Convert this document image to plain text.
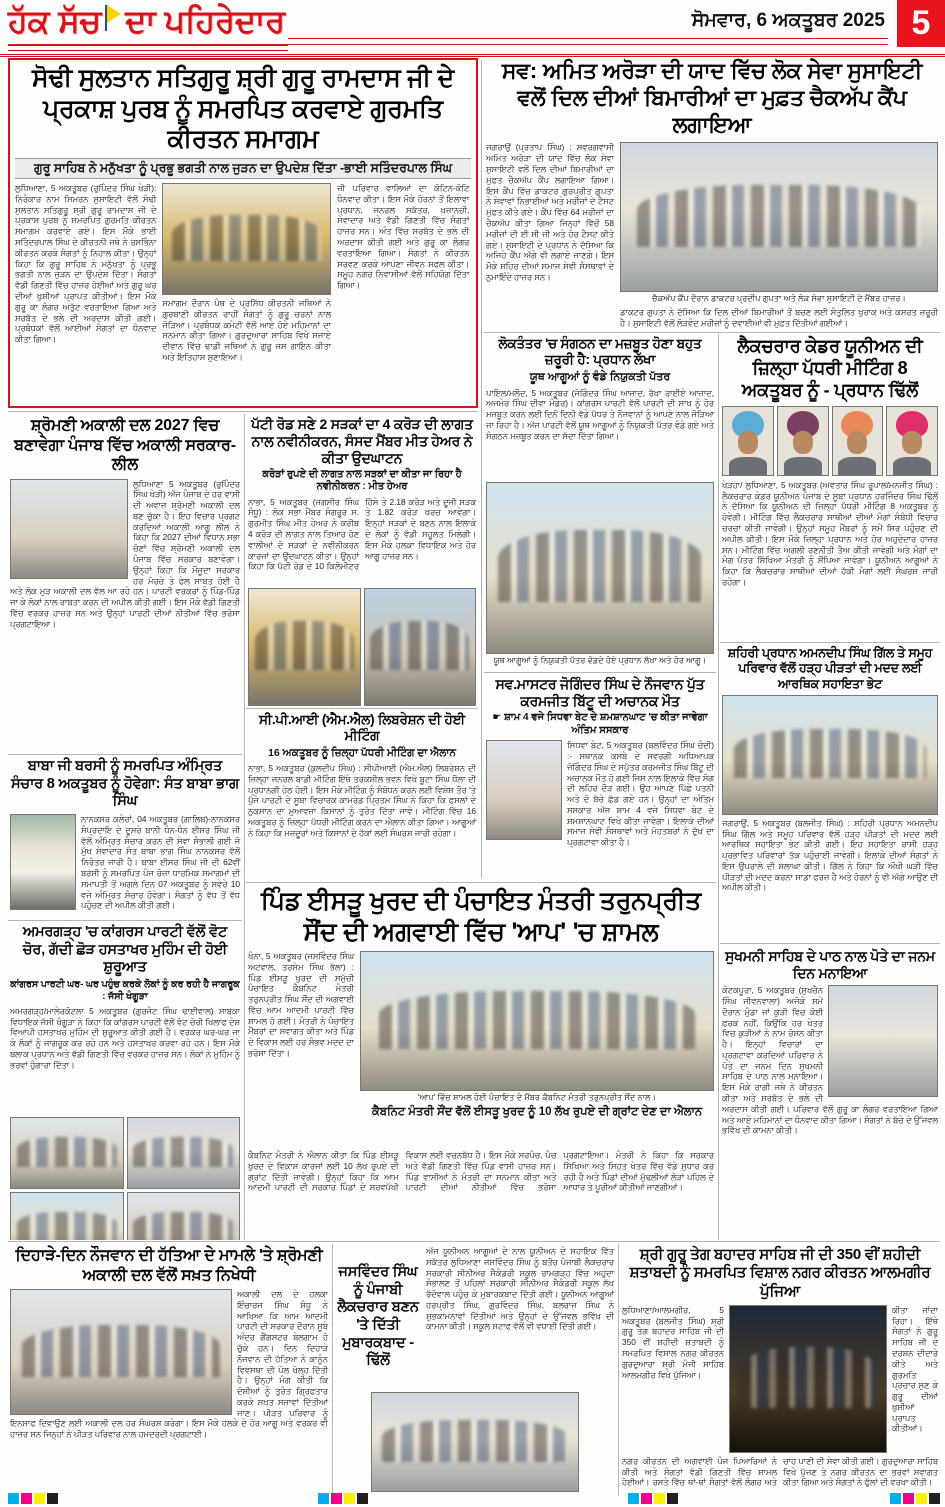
ਹੱਕ ਸੱਚ ਦਾ ਪਹਿਰੇਦਾਰ	ਸੋਮਵਾਰ, 6 ਅਕਤੂਬਰ 2025 5
ਸੋਢੀ ਸੁਲਤਾਨ ਸਤਿਗੁਰੂ ਸ਼੍ਰੀ ਗੁਰੂ ਰਾਮਦਾਸ ਜੀ ਦੇ ਪ੍ਰਕਾਸ਼ ਪੁਰਬ ਨੂੰ ਸਮਰਪਿਤ ਕਰਵਾਏ ਗੁਰਮਤਿ ਕੀਰਤਨ ਸਮਾਗਮ
ਗੁਰੂ ਸਾਹਿਬ ਨੇ ਮਨੁੱਖਤਾ ਨੂੰ ਪ੍ਰਭੂ ਭਗਤੀ ਨਾਲ ਜੁੜਨ ਦਾ ਉਪਦੇਸ਼ ਦਿੱਤਾ -ਭਾਈ ਸਤਿੰਦਰਪਾਲ ਸਿੰਘ
ਲੁਧਿਆਣਾ, 5 ਅਕਤੂਬਰ (ਰੁਪਿੰਦਰ ਸਿੰਘ ਖੇੜੀ): ਨਿਰੰਕਾਰ ਨਾਮ ਸਿਮਰਨ ਸੁਸਾਇਟੀ ਵੱਲੋਂ ਸੋਢੀ ਸੁਲਤਾਨ ਸਤਿਗੁਰੂ ਸ਼੍ਰੀ ਗੁਰੂ ਰਾਮਦਾਸ ਜੀ ਦੇ ਪ੍ਰਕਾਸ਼ ਪੁਰਬ ਨੂੰ ਸਮਰਪਿਤ ਗੁਰਮਤਿ ਕੀਰਤਨ ਸਮਾਗਮ ਕਰਵਾਏ ਗਏ। ਇਸ ਮੌਕੇ ਭਾਈ ਸਤਿੰਦਰਪਾਲ ਸਿੰਘ ਦੇ ਕੀਰਤਨੀ ਜਥੇ ਨੇ ਰਸਭਿੰਨਾ ਕੀਰਤਨ ਕਰਕੇ ਸੰਗਤਾਂ ਨੂੰ ਨਿਹਾਲ ਕੀਤਾ। ਉਨ੍ਹਾਂ ਕਿਹਾ ਕਿ ਗੁਰੂ ਸਾਹਿਬ ਨੇ ਮਨੁੱਖਤਾ ਨੂੰ ਪ੍ਰਭੂ ਭਗਤੀ ਨਾਲ ਜੁੜਨ ਦਾ ਉਪਦੇਸ਼ ਦਿੱਤਾ। ਸੰਗਤਾਂ ਵੱਡੀ ਗਿਣਤੀ ਵਿੱਚ ਹਾਜ਼ਰ ਹੋਈਆਂ ਅਤੇ ਗੁਰੂ ਘਰ ਦੀਆਂ ਖੁਸ਼ੀਆਂ ਪ੍ਰਾਪਤ ਕੀਤੀਆਂ। ਇਸ ਮੌਕੇ ਗੁਰੂ ਕਾ ਲੰਗਰ ਅਤੁੱਟ ਵਰਤਾਇਆ ਗਿਆ ਅਤੇ ਸਰਬੱਤ ਦੇ ਭਲੇ ਦੀ ਅਰਦਾਸ ਕੀਤੀ ਗਈ। ਪ੍ਰਬੰਧਕਾਂ ਵੱਲੋਂ ਆਈਆਂ ਸੰਗਤਾਂ ਦਾ ਧੰਨਵਾਦ ਕੀਤਾ ਗਿਆ।
ਸਮਾਗਮ ਦੌਰਾਨ ਪੰਥ ਦੇ ਪ੍ਰਸਿੱਧ ਕੀਰਤਨੀ ਜਥਿਆਂ ਨੇ ਗੁਰਬਾਣੀ ਕੀਰਤਨ ਰਾਹੀਂ ਸੰਗਤਾਂ ਨੂੰ ਗੁਰੂ ਚਰਨਾਂ ਨਾਲ ਜੋੜਿਆ। ਪ੍ਰਬੰਧਕ ਕਮੇਟੀ ਵੱਲੋਂ ਆਏ ਹੋਏ ਮਹਿਮਾਨਾਂ ਦਾ ਸਨਮਾਨ ਕੀਤਾ ਗਿਆ। ਗੁਰਦੁਆਰਾ ਸਾਹਿਬ ਵਿਖੇ ਸਜਾਏ ਦੀਵਾਨ ਵਿੱਚ ਢਾਡੀ ਜਥਿਆਂ ਨੇ ਗੁਰੂ ਜਸ ਗਾਇਨ ਕੀਤਾ ਅਤੇ ਇਤਿਹਾਸ ਸੁਣਾਇਆ।
ਜੀ ਪਰਿਵਾਰ ਵਾਲਿਆਂ ਦਾ ਕੋਟਿਨ-ਕੋਟਿ ਧੰਨਵਾਦ ਕੀਤਾ। ਇਸ ਮੌਕੇ ਹੋਰਨਾਂ ਤੋਂ ਇਲਾਵਾ ਪ੍ਰਧਾਨ, ਜਨਰਲ ਸਕੱਤਰ, ਖਜ਼ਾਨਚੀ, ਸੇਵਾਦਾਰ ਅਤੇ ਵੱਡੀ ਗਿਣਤੀ ਵਿੱਚ ਸੰਗਤਾਂ ਹਾਜ਼ਰ ਸਨ। ਅੰਤ ਵਿੱਚ ਸਰਬੱਤ ਦੇ ਭਲੇ ਦੀ ਅਰਦਾਸ ਕੀਤੀ ਗਈ ਅਤੇ ਗੁਰੂ ਕਾ ਲੰਗਰ ਵਰਤਾਇਆ ਗਿਆ। ਸੰਗਤਾਂ ਨੇ ਕੀਰਤਨ ਸਰਵਣ ਕਰਕੇ ਆਪਣਾ ਜੀਵਨ ਸਫਲ ਕੀਤਾ। ਸਮੂਹ ਨਗਰ ਨਿਵਾਸੀਆਂ ਵੱਲੋਂ ਸਹਿਯੋਗ ਦਿੱਤਾ ਗਿਆ।
ਸਵ: ਅਮਿਤ ਅਰੋੜਾ ਦੀ ਯਾਦ ਵਿੱਚ ਲੋਕ ਸੇਵਾ ਸੁਸਾਇਟੀ ਵਲੋਂ ਦਿਲ ਦੀਆਂ ਬਿਮਾਰੀਆਂ ਦਾ ਮੁਫ਼ਤ ਚੈਕਅੱਪ ਕੈਂਪ ਲਗਾਇਆ
ਜਗਰਾਉਂ (ਪ੍ਰਤਾਪ ਸਿੰਘ) : ਸਵਰਗਵਾਸੀ ਅਮਿਤ ਅਰੋੜਾ ਦੀ ਯਾਦ ਵਿੱਚ ਲੋਕ ਸੇਵਾ ਸੁਸਾਇਟੀ ਵਲੋਂ ਦਿਲ ਦੀਆਂ ਬਿਮਾਰੀਆਂ ਦਾ ਮੁਫ਼ਤ ਚੈਕਅੱਪ ਕੈਂਪ ਲਗਾਇਆ ਗਿਆ। ਇਸ ਕੈਂਪ ਵਿੱਚ ਡਾਕਟਰ ਗੁਰਪ੍ਰੀਤ ਗੁਪਤਾ ਨੇ ਸੇਵਾਵਾਂ ਨਿਭਾਈਆਂ ਅਤੇ ਮਰੀਜ਼ਾਂ ਦੇ ਟੈਸਟ ਮੁਫ਼ਤ ਕੀਤੇ ਗਏ। ਕੈਂਪ ਵਿੱਚ 64 ਮਰੀਜ਼ਾਂ ਦਾ ਚੈਕਅੱਪ ਕੀਤਾ ਗਿਆ ਜਿਨ੍ਹਾਂ ਵਿੱਚੋਂ 58 ਮਰੀਜ਼ਾਂ ਦੀ ਈ ਸੀ ਜੀ ਅਤੇ ਹੋਰ ਟੈਸਟ ਕੀਤੇ ਗਏ। ਸੁਸਾਇਟੀ ਦੇ ਪ੍ਰਧਾਨ ਨੇ ਦੱਸਿਆ ਕਿ ਅਜਿਹੇ ਕੈਂਪ ਅੱਗੇ ਵੀ ਲਗਾਏ ਜਾਣਗੇ। ਇਸ ਮੌਕੇ ਸ਼ਹਿਰ ਦੀਆਂ ਸਮਾਜ ਸੇਵੀ ਸੰਸਥਾਵਾਂ ਦੇ ਨੁਮਾਇੰਦੇ ਹਾਜ਼ਰ ਸਨ।
ਚੈਕਅੱਪ ਕੈਂਪ ਦੌਰਾਨ ਡਾਕਟਰ ਪ੍ਰਦੀਪ ਗੁਪਤਾ ਅਤੇ ਲੋਕ ਸੇਵਾ ਸੁਸਾਇਟੀ ਦੇ ਮੈਂਬਰ ਹਾਜ਼ਰ।
ਡਾਕਟਰ ਗੁਪਤਾ ਨੇ ਦੱਸਿਆ ਕਿ ਦਿਲ ਦੀਆਂ ਬਿਮਾਰੀਆਂ ਤੋਂ ਬਚਣ ਲਈ ਸੰਤੁਲਿਤ ਖੁਰਾਕ ਅਤੇ ਕਸਰਤ ਜ਼ਰੂਰੀ ਹੈ। ਸੁਸਾਇਟੀ ਵੱਲੋਂ ਲੋੜਵੰਦ ਮਰੀਜ਼ਾਂ ਨੂੰ ਦਵਾਈਆਂ ਵੀ ਮੁਫ਼ਤ ਦਿੱਤੀਆਂ ਗਈਆਂ।
ਲੋਕਤੰਤਰ 'ਚ ਸੰਗਠਨ ਦਾ ਮਜ਼ਬੂਤ ਹੋਣਾ ਬਹੁਤ ਜ਼ਰੂਰੀ ਹੈ: ਪ੍ਰਧਾਨ ਲੱਖਾ
ਯੂਥ ਆਗੂਆਂ ਨੂੰ ਵੰਡੇ ਨਿਯੁਕਤੀ ਪੱਤਰ
ਪਾਇਲ/ਮਲੌਦ, 5 ਅਕਤੂਬਰ (ਜੋਗਿੰਦਰ ਸਿੰਘ ਆਜ਼ਾਦ, ਰੱਖਾ ਰਾਈਏ ਆਜ਼ਾਦ, ਅਜਮੇਰ ਸਿੰਘ ਦੀਵਾ ਮੰਡੇਰ)। ਕਾਂਗਰਸ ਪਾਰਟੀ ਵੱਲੋਂ ਪਾਰਟੀ ਦੀ ਸਾਖ ਨੂੰ ਹੋਰ ਮਜ਼ਬੂਤ ਕਰਨ ਲਈ ਦਿਨੋਂ ਦਿਨੀ ਵੱਡੇ ਪੱਧਰ ਤੇ ਨੌਜਵਾਨਾਂ ਨੂੰ ਆਪਣੇ ਨਾਲ ਜੋੜਿਆ ਜਾ ਰਿਹਾ ਹੈ। ਅੱਜ ਪਾਰਟੀ ਵੱਲੋਂ ਯੂਥ ਆਗੂਆਂ ਨੂੰ ਨਿਯੁਕਤੀ ਪੱਤਰ ਵੰਡੇ ਗਏ ਅਤੇ ਸੰਗਠਨ ਮਜ਼ਬੂਤ ਕਰਨ ਦਾ ਸੱਦਾ ਦਿੱਤਾ ਗਿਆ।
ਯੂਥ ਆਗੂਆਂ ਨੂੰ ਨਿਯੁਕਤੀ ਪੱਤਰ ਵੰਡਦੇ ਹੋਏ ਪ੍ਰਧਾਨ ਲੱਖਾ ਅਤੇ ਹੋਰ ਆਗੂ।
ਲੈਕਚਰਾਰ ਕੇਡਰ ਯੂਨੀਅਨ ਦੀ ਜ਼ਿਲ੍ਹਾ ਪੱਧਰੀ ਮੀਟਿੰਗ 8 ਅਕਤੂਬਰ ਨੂੰ - ਪ੍ਰਧਾਨ ਢਿੱਲੋਂ
ਖੇੜਹਾ/ ਲੁਧਿਆਣਾ, 5 ਅਕਤੂਬਰ (ਅਵਤਾਰ ਸਿੰਘ ਰੂਪਾਲ/ਮਨਜੀਤ ਸਿੰਘ) : ਲੈਕਚਰਾਰ ਕੇਡਰ ਯੂਨੀਅਨ ਪੰਜਾਬ ਦੇ ਸੂਬਾ ਪ੍ਰਧਾਨ ਹਰਜਿੰਦਰ ਸਿੰਘ ਢਿੱਲੋਂ ਨੇ ਦੱਸਿਆ ਕਿ ਯੂਨੀਅਨ ਦੀ ਜ਼ਿਲ੍ਹਾ ਪੱਧਰੀ ਮੀਟਿੰਗ 8 ਅਕਤੂਬਰ ਨੂੰ ਹੋਵੇਗੀ। ਮੀਟਿੰਗ ਵਿੱਚ ਲੈਕਚਰਾਰ ਸਾਥੀਆਂ ਦੀਆਂ ਮੰਗਾਂ ਸੰਬੰਧੀ ਵਿਚਾਰ ਚਰਚਾ ਕੀਤੀ ਜਾਵੇਗੀ। ਉਨ੍ਹਾਂ ਸਮੂਹ ਮੈਂਬਰਾਂ ਨੂੰ ਸਮੇਂ ਸਿਰ ਪਹੁੰਚਣ ਦੀ ਅਪੀਲ ਕੀਤੀ। ਇਸ ਮੌਕੇ ਜ਼ਿਲ੍ਹਾ ਪ੍ਰਧਾਨ ਅਤੇ ਹੋਰ ਅਹੁਦੇਦਾਰ ਹਾਜ਼ਰ ਸਨ। ਮੀਟਿੰਗ ਵਿੱਚ ਅਗਲੀ ਰਣਨੀਤੀ ਤੈਅ ਕੀਤੀ ਜਾਵੇਗੀ ਅਤੇ ਮੰਗਾਂ ਦਾ ਮੰਗ ਪੱਤਰ ਸਿੱਖਿਆ ਮੰਤਰੀ ਨੂੰ ਸੌਂਪਿਆ ਜਾਵੇਗਾ। ਯੂਨੀਅਨ ਆਗੂਆਂ ਨੇ ਕਿਹਾ ਕਿ ਲੈਕਚਰਾਰ ਸਾਥੀਆਂ ਦੀਆਂ ਹੱਕੀ ਮੰਗਾਂ ਲਈ ਸੰਘਰਸ਼ ਜਾਰੀ ਰਹੇਗਾ।
ਸ਼੍ਰੋਮਣੀ ਅਕਾਲੀ ਦਲ 2027 ਵਿਚ ਬਣਾਵੇਗਾ ਪੰਜਾਬ ਵਿੱਚ ਅਕਾਲੀ ਸਰਕਾਰ-ਲੀਲ
ਲੁਧਿਆਣਾ 5 ਅਕਤੂਬਰ (ਰੁਪਿੰਦਰ ਸਿੰਘ ਖੇੜੀ) ਅੱਜ ਪੰਜਾਬ ਦੇ ਹਰ ਵਾਸੀ ਦੀ ਅਵਾਜ਼ ਸ਼੍ਰੋਮਣੀ ਅਕਾਲੀ ਦਲ ਬਣ ਚੁੱਕਾ ਹੈ। ਇਹ ਵਿਚਾਰ ਪ੍ਰਗਟ ਕਰਦਿਆਂ ਅਕਾਲੀ ਆਗੂ ਲੀਲ ਨੇ ਕਿਹਾ ਕਿ 2027 ਦੀਆਂ ਵਿਧਾਨ ਸਭਾ ਚੋਣਾਂ ਵਿੱਚ ਸ਼੍ਰੋਮਣੀ ਅਕਾਲੀ ਦਲ ਪੰਜਾਬ ਵਿੱਚ ਸਰਕਾਰ ਬਣਾਵੇਗਾ। ਉਨ੍ਹਾਂ ਕਿਹਾ ਕਿ ਮੌਜੂਦਾ ਸਰਕਾਰ ਹਰ ਮੋਰਚੇ ਤੇ ਫੇਲ ਸਾਬਤ ਹੋਈ ਹੈ ਅਤੇ ਲੋਕ ਮੁੜ ਅਕਾਲੀ ਦਲ ਵੱਲ ਆ ਰਹੇ ਹਨ। ਪਾਰਟੀ ਵਰਕਰਾਂ ਨੂੰ ਪਿੰਡ-ਪਿੰਡ ਜਾ ਕੇ ਲੋਕਾਂ ਨਾਲ ਰਾਬਤਾ ਕਰਨ ਦੀ ਅਪੀਲ ਕੀਤੀ ਗਈ। ਇਸ ਮੌਕੇ ਵੱਡੀ ਗਿਣਤੀ ਵਿੱਚ ਵਰਕਰ ਹਾਜ਼ਰ ਸਨ ਅਤੇ ਉਨ੍ਹਾਂ ਪਾਰਟੀ ਦੀਆਂ ਨੀਤੀਆਂ ਵਿੱਚ ਭਰੋਸਾ ਪ੍ਰਗਟਾਇਆ।
ਪੱਟੀ ਰੋਡ ਸਣੇ 2 ਸੜਕਾਂ ਦਾ 4 ਕਰੋੜ ਦੀ ਲਾਗਤ ਨਾਲ ਨਵੀਨੀਕਰਨ, ਸੰਸਦ ਮੈਂਬਰ ਮੀਤ ਹੇਅਰ ਨੇ ਕੀਤਾ ਉਦਘਾਟਨ
ਕਰੋੜਾਂ ਰੁਪਏ ਦੀ ਲਾਗਤ ਨਾਲ ਸੜਕਾਂ ਦਾ ਕੀਤਾ ਜਾ ਰਿਹਾ ਹੈ ਨਵੀਨੀਕਰਨ : ਮੀਤ ਹੇਅਰ
ਨਾਭਾ, 5 ਅਕਤੂਬਰ (ਜਗਸੀਰ ਸਿੰਘ ਸੰਧੂ) : ਲੋਕ ਸਭਾ ਮੈਂਬਰ ਸੰਗਰੂਰ ਸ. ਗੁਰਮੀਤ ਸਿੰਘ ਮੀਤ ਹੇਅਰ ਨੇ ਕਰੀਬ 4 ਕਰੋੜ ਦੀ ਲਾਗਤ ਨਾਲ ਤਿਆਰ ਹੋਣ ਵਾਲੀਆਂ ਦੋ ਸੜਕਾਂ ਦੇ ਨਵੀਨੀਕਰਨ ਕਾਰਜਾਂ ਦਾ ਉਦਘਾਟਨ ਕੀਤਾ। ਉਨ੍ਹਾਂ ਕਿਹਾ ਕਿ ਪੱਟੀ ਰੋਡ ਦੇ 10 ਕਿਲੋਮੀਟਰ ਹਿੱਸੇ ਤੇ 2.18 ਕਰੋੜ ਅਤੇ ਦੂਜੀ ਸੜਕ ਤੇ 1.82 ਕਰੋੜ ਖਰਚ ਆਵੇਗਾ। ਇਨ੍ਹਾਂ ਸੜਕਾਂ ਦੇ ਬਣਨ ਨਾਲ ਇਲਾਕੇ ਦੇ ਲੋਕਾਂ ਨੂੰ ਵੱਡੀ ਸਹੂਲਤ ਮਿਲੇਗੀ। ਇਸ ਮੌਕੇ ਹਲਕਾ ਵਿਧਾਇਕ ਅਤੇ ਹੋਰ ਆਗੂ ਹਾਜ਼ਰ ਸਨ।
ਸੀ.ਪੀ.ਆਈ (ਐਮ.ਐਲ) ਲਿਬਰੇਸ਼ਨ ਦੀ ਹੋਈ ਮੀਟਿੰਗ
16 ਅਕਤੂਬਰ ਨੂੰ ਜ਼ਿਲ੍ਹਾ ਪੱਧਰੀ ਮੀਟਿੰਗ ਦਾ ਐਲਾਨ
ਨਾਭਾ, 5 ਅਕਤੂਬਰ (ਕੁਲਦੀਪ ਸਿੰਘ) : ਸੀਪੀਆਈ (ਐਮ.ਐਲ) ਲਿਬਰੇਸ਼ਨ ਦੀ ਜ਼ਿਲ੍ਹਾ ਜਨਰਲ ਬਾਡੀ ਮੀਟਿੰਗ ਇੱਥੇ ਤਰਕਸ਼ੀਲ ਭਵਨ ਵਿਖੇ ਬੂਟਾ ਸਿੰਘ ਧੌਲਾ ਦੀ ਪ੍ਰਧਾਨਗੀ ਹੇਠ ਹੋਈ। ਇਸ ਮੌਕੇ ਮੀਟਿੰਗ ਨੂੰ ਸੰਬੋਧਨ ਕਰਨ ਲਈ ਵਿਸ਼ੇਸ਼ ਤੌਰ 'ਤੇ ਪੁੱਜੇ ਪਾਰਟੀ ਦੇ ਸੂਬਾ ਵਿਚਾਰਕ ਕਾਮਰੇਡ ਪ੍ਰਿਤਮ ਸਿੰਘ ਨੇ ਕਿਹਾ ਕਿ ਫਸਲਾਂ ਦੇ ਨੁਕਸਾਨ ਦਾ ਮੁਆਵਜ਼ਾ ਕਿਸਾਨਾਂ ਨੂੰ ਤੁਰੰਤ ਦਿੱਤਾ ਜਾਵੇ। ਮੀਟਿੰਗ ਵਿੱਚ 16 ਅਕਤੂਬਰ ਨੂੰ ਜ਼ਿਲ੍ਹਾ ਪੱਧਰੀ ਮੀਟਿੰਗ ਕਰਨ ਦਾ ਐਲਾਨ ਕੀਤਾ ਗਿਆ। ਆਗੂਆਂ ਨੇ ਕਿਹਾ ਕਿ ਮਜ਼ਦੂਰਾਂ ਅਤੇ ਕਿਸਾਨਾਂ ਦੇ ਹੱਕਾਂ ਲਈ ਸੰਘਰਸ਼ ਜਾਰੀ ਰਹੇਗਾ।
ਸਵ.ਮਾਸਟਰ ਜੋਗਿੰਦਰ ਸਿੰਘ ਦੇ ਨੌਜਵਾਨ ਪੁੱਤ ਕਰਮਜੀਤ ਬਿੱਟੂ ਦੀ ਅਚਾਨਕ ਮੌਤ
☛ ਸ਼ਾਮ 4 ਵਜੇ ਸਿਧਵਾ ਬੇਟ ਦੇ ਸ਼ਮਸ਼ਾਨਘਾਟ 'ਚ ਕੀਤਾ ਜਾਵੇਗਾ ਅੰਤਿਮ ਸਸਕਾਰ
ਸਿਧਵਾ ਬੇਟ, 5 ਅਕਤੂਬਰ (ਬਲਵਿੰਦਰ ਸਿੰਘ ਚੰਦੀ) :- ਸਥਾਨਕ ਕਸਬੇ ਦੇ ਸਵਰਗੀ ਅਧਿਆਪਕ ਜੋਗਿੰਦਰ ਸਿੰਘ ਦੇ ਸਪੁੱਤਰ ਕਰਮਜੀਤ ਸਿੰਘ ਬਿੱਟੂ ਦੀ ਅਚਾਨਕ ਮੌਤ ਹੋ ਗਈ ਜਿਸ ਨਾਲ ਇਲਾਕੇ ਵਿੱਚ ਸੋਗ ਦੀ ਲਹਿਰ ਦੌੜ ਗਈ। ਉਹ ਆਪਣੇ ਪਿੱਛੇ ਪਤਨੀ ਅਤੇ ਦੋ ਬੱਚੇ ਛੱਡ ਗਏ ਹਨ। ਉਨ੍ਹਾਂ ਦਾ ਅੰਤਿਮ ਸਸਕਾਰ ਅੱਜ ਸ਼ਾਮ 4 ਵਜੇ ਸਿਧਵਾ ਬੇਟ ਦੇ ਸ਼ਮਸ਼ਾਨਘਾਟ ਵਿਖੇ ਕੀਤਾ ਜਾਵੇਗਾ। ਇਲਾਕੇ ਦੀਆਂ ਸਮਾਜ ਸੇਵੀ ਸੰਸਥਾਵਾਂ ਅਤੇ ਮੋਹਤਬਰਾਂ ਨੇ ਦੁੱਖ ਦਾ ਪ੍ਰਗਟਾਵਾ ਕੀਤਾ ਹੈ।
ਬਾਬਾ ਜੀ ਬਰਸੀ ਨੂੰ ਸਮਰਪਿਤ ਅੰਮ੍ਰਿਤ ਸੰਚਾਰ 8 ਅਕਤੂਬਰ ਨੂੰ ਹੋਵੇਗਾ: ਸੰਤ ਬਾਬਾ ਭਾਗ ਸਿੰਘ
ਨਾਨਕਸਰ ਕਲੇਰਾਂ, 04 ਅਕਤੂਬਰ (ਗਾਲਿਬ)-ਨਾਨਕਸਰ ਸੰਪ੍ਰਦਾਇ ਦੇ ਦੂਸਰੇ ਬਾਨੀ ਧੰਨ-ਧੰਨ ਈਸਰ ਸਿੰਘ ਜੀ ਵੱਲੋਂ ਅੰਮ੍ਰਿਤ ਸੰਚਾਰ ਕਰਨ ਦੀ ਸੇਵਾ ਸੰਭਾਲੀ ਗਈ ਜੋ ਮੁੱਖ ਸੇਵਾਦਾਰ ਸੰਤ ਬਾਬਾ ਭਾਗ ਸਿੰਘ ਨਾਨਕਸਰ ਵੱਲੋਂ ਨਿਰੰਤਰ ਜਾਰੀ ਹੈ। ਬਾਬਾ ਈਸਰ ਸਿੰਘ ਜੀ ਦੀ 62ਵੀਂ ਬਰਸੀ ਨੂੰ ਸਮਰਪਿਤ ਪੰਜ ਰੋਜ਼ਾ ਧਾਰਮਿਕ ਸਮਾਗਮਾਂ ਦੀ ਸਮਾਪਤੀ ਤੋਂ ਅਗਲੇ ਦਿਨ 07 ਅਕਤੂਬਰ ਨੂੰ ਸਵੇਰੇ 10 ਵਜੇ ਅੰਮ੍ਰਿਤ ਸੰਚਾਰ ਹੋਵੇਗਾ। ਸੰਗਤਾਂ ਨੂੰ ਵੱਧ ਤੋਂ ਵੱਧ ਪਹੁੰਚਣ ਦੀ ਅਪੀਲ ਕੀਤੀ ਗਈ।
ਅਮਰਗੜ੍ਹ 'ਚ ਕਾਂਗਰਸ ਪਾਰਟੀ ਵੱਲੋਂ ਵੋਟ ਚੋਰ, ਗੱਦੀ ਛੋੜ ਹਸਤਾਖਰ ਮੁਹਿੰਮ ਦੀ ਹੋਈ ਸ਼ੁਰੂਆਤ
ਕਾਂਗਰਸ ਪਾਰਟੀ ਘਰ- ਘਰ ਪਹੁੰਚ ਕਰਕੇ ਲੋਕਾਂ ਨੂੰ ਕਰ ਰਹੀ ਹੈ ਜਾਗਰੂਕ : ਜੱਸੀ ਖੰਗੂੜਾ
ਅਮਰਗੜ੍ਹ/ਮਾਲੇਰਕੋਟਲਾ 5 ਅਕਤੂਬਰ (ਗੁਰਜੰਟ ਸਿੰਘ ਢਾਈਵਾਲ) ਸਾਬਕਾ ਵਿਧਾਇਕ ਜੱਸੀ ਖੰਗੂੜਾ ਨੇ ਕਿਹਾ ਕਿ ਕਾਂਗਰਸ ਪਾਰਟੀ ਵੱਲੋਂ ਵੋਟ ਚੋਰੀ ਖਿਲਾਫ ਦੇਸ਼ ਵਿਆਪੀ ਹਸਤਾਖਰ ਮੁਹਿੰਮ ਦੀ ਸ਼ੁਰੂਆਤ ਕੀਤੀ ਗਈ ਹੈ। ਵਰਕਰ ਘਰ-ਘਰ ਜਾ ਕੇ ਲੋਕਾਂ ਨੂੰ ਜਾਗਰੂਕ ਕਰ ਰਹੇ ਹਨ ਅਤੇ ਹਸਤਾਖਰ ਕਰਵਾ ਰਹੇ ਹਨ। ਇਸ ਮੌਕੇ ਬਲਾਕ ਪ੍ਰਧਾਨ ਅਤੇ ਵੱਡੀ ਗਿਣਤੀ ਵਿੱਚ ਵਰਕਰ ਹਾਜ਼ਰ ਸਨ। ਲੋਕਾਂ ਨੇ ਮੁਹਿੰਮ ਨੂੰ ਭਰਵਾਂ ਹੁੰਗਾਰਾ ਦਿੱਤਾ।
ਪਿੰਡ ਈਸੜੂ ਖੁਰਦ ਦੀ ਪੰਚਾਇਤ ਮੰਤਰੀ ਤਰੁਨਪ੍ਰੀਤ ਸੌਂਦ ਦੀ ਅਗਵਾਈ ਵਿੱਚ 'ਆਪ' 'ਚ ਸ਼ਾਮਲ
ਖੰਨਾ, 5 ਅਕਤੂਬਰ (ਜਸਵਿੰਦਰ ਸਿੰਘ ਅਟਵਾਲ, ਤਰਸੇਮ ਸਿੰਘ ਭੱਲਾ) : ਪਿੰਡ ਈਸੜੂ ਖੁਰਦ ਦੀ ਸਮੁੱਚੀ ਪੰਚਾਇਤ ਕੈਬਨਿਟ ਮੰਤਰੀ ਤਰੁਨਪ੍ਰੀਤ ਸਿੰਘ ਸੌਂਦ ਦੀ ਅਗਵਾਈ ਵਿੱਚ ਆਮ ਆਦਮੀ ਪਾਰਟੀ ਵਿੱਚ ਸ਼ਾਮਲ ਹੋ ਗਈ। ਮੰਤਰੀ ਨੇ ਪੰਚਾਇਤ ਮੈਂਬਰਾਂ ਦਾ ਸਵਾਗਤ ਕੀਤਾ ਅਤੇ ਪਿੰਡ ਦੇ ਵਿਕਾਸ ਲਈ ਹਰ ਸੰਭਵ ਮਦਦ ਦਾ ਭਰੋਸਾ ਦਿੱਤਾ।
'ਆਪ' ਵਿੱਚ ਸ਼ਾਮਲ ਹੋਈ ਪੰਚਾਇਤ ਦੇ ਮੈਂਬਰ ਕੈਬਨਿਟ ਮੰਤਰੀ ਤਰੁਨਪ੍ਰੀਤ ਸੌਂਦ ਨਾਲ।
ਕੈਬਨਿਟ ਮੰਤਰੀ ਸੌਂਦ ਵੱਲੋਂ ਈਸੜੂ ਖੁਰਦ ਨੂੰ 10 ਲੱਖ ਰੁਪਏ ਦੀ ਗ੍ਰਾਂਟ ਦੇਣ ਦਾ ਐਲਾਨ
ਕੈਬਨਿਟ ਮੰਤਰੀ ਨੇ ਐਲਾਨ ਕੀਤਾ ਕਿ ਪਿੰਡ ਈਸੜੂ ਖੁਰਦ ਦੇ ਵਿਕਾਸ ਕਾਰਜਾਂ ਲਈ 10 ਲੱਖ ਰੁਪਏ ਦੀ ਗ੍ਰਾਂਟ ਦਿੱਤੀ ਜਾਵੇਗੀ। ਉਨ੍ਹਾਂ ਕਿਹਾ ਕਿ ਆਮ ਆਦਮੀ ਪਾਰਟੀ ਦੀ ਸਰਕਾਰ ਪਿੰਡਾਂ ਦੇ ਸਰਵਪੱਖੀ ਵਿਕਾਸ ਲਈ ਵਚਨਬੱਧ ਹੈ। ਇਸ ਮੌਕੇ ਸਰਪੰਚ, ਪੰਚ ਅਤੇ ਵੱਡੀ ਗਿਣਤੀ ਵਿੱਚ ਪਿੰਡ ਵਾਸੀ ਹਾਜ਼ਰ ਸਨ। ਪਿੰਡ ਵਾਸੀਆਂ ਨੇ ਮੰਤਰੀ ਦਾ ਸਨਮਾਨ ਕੀਤਾ ਅਤੇ ਪਾਰਟੀ ਦੀਆਂ ਨੀਤੀਆਂ ਵਿੱਚ ਭਰੋਸਾ ਪ੍ਰਗਟਾਇਆ। ਮੰਤਰੀ ਨੇ ਕਿਹਾ ਕਿ ਸਰਕਾਰ ਸਿੱਖਿਆ ਅਤੇ ਸਿਹਤ ਖੇਤਰ ਵਿੱਚ ਵੱਡੇ ਸੁਧਾਰ ਕਰ ਰਹੀ ਹੈ ਅਤੇ ਪਿੰਡਾਂ ਦੀਆਂ ਮੁੱਢਲੀਆਂ ਲੋੜਾਂ ਪਹਿਲ ਦੇ ਆਧਾਰ ਤੇ ਪੂਰੀਆਂ ਕੀਤੀਆਂ ਜਾਣਗੀਆਂ।
ਸ਼ਹਿਰੀ ਪ੍ਰਧਾਨ ਅਮਨਦੀਪ ਸਿੰਘ ਗਿੱਲ ਤੇ ਸਮੂਹ ਪਰਿਵਾਰ ਵੱਲੋਂ ਹੜ੍ਹ ਪੀੜਤਾਂ ਦੀ ਮਦਦ ਲਈ ਆਰਥਿਕ ਸਹਾਇਤਾ ਭੇਟ
ਜਗਰਾਉਂ, 5 ਅਕਤੂਬਰ (ਬਲਜੀਤ ਸਿੰਘ) : ਸ਼ਹਿਰੀ ਪ੍ਰਧਾਨ ਅਮਨਦੀਪ ਸਿੰਘ ਗਿੱਲ ਅਤੇ ਸਮੂਹ ਪਰਿਵਾਰ ਵੱਲੋਂ ਹੜ੍ਹ ਪੀੜਤਾਂ ਦੀ ਮਦਦ ਲਈ ਆਰਥਿਕ ਸਹਾਇਤਾ ਭੇਟ ਕੀਤੀ ਗਈ। ਇਹ ਸਹਾਇਤਾ ਰਾਸ਼ੀ ਹੜ੍ਹ ਪ੍ਰਭਾਵਿਤ ਪਰਿਵਾਰਾਂ ਤੱਕ ਪਹੁੰਚਾਈ ਜਾਵੇਗੀ। ਇਲਾਕੇ ਦੀਆਂ ਸੰਗਤਾਂ ਨੇ ਇਸ ਉਪਰਾਲੇ ਦੀ ਸ਼ਲਾਘਾ ਕੀਤੀ। ਗਿੱਲ ਨੇ ਕਿਹਾ ਕਿ ਔਖੀ ਘੜੀ ਵਿੱਚ ਪੀੜਤਾਂ ਦੀ ਮਦਦ ਕਰਨਾ ਸਾਡਾ ਫਰਜ਼ ਹੈ ਅਤੇ ਹੋਰਨਾਂ ਨੂੰ ਵੀ ਅੱਗੇ ਆਉਣ ਦੀ ਅਪੀਲ ਕੀਤੀ।
ਸੁਖਮਨੀ ਸਾਹਿਬ ਦੇ ਪਾਠ ਨਾਲ ਪੋਤੇ ਦਾ ਜਨਮ ਦਿਨ ਮਨਾਇਆ
ਕੋਟਕਪੂਰਾ, 5 ਅਕਤੂਬਰ (ਸੁਖਚੈਨ ਸਿੰਘ ਜੀਵਨਵਾਲਾ) ਅਜੋਕੇ ਸਮੇਂ ਦੌਰਾਨ ਮੁੰਡਾ ਜਾਂ ਕੁੜੀ ਵਿਚ ਕੋਈ ਫਰਕ ਨਹੀਂ, ਕਿਉਂਕਿ ਹਰ ਖੇਤਰ ਵਿਚ ਕੁੜੀਆਂ ਨੇ ਨਾਮ ਰੋਸ਼ਨ ਕੀਤਾ ਹੈ। ਇਨ੍ਹਾਂ ਵਿਚਾਰਾਂ ਦਾ ਪ੍ਰਗਟਾਵਾ ਕਰਦਿਆਂ ਪਰਿਵਾਰ ਨੇ ਪੋਤੇ ਦਾ ਜਨਮ ਦਿਨ ਸੁਖਮਨੀ ਸਾਹਿਬ ਦੇ ਪਾਠ ਨਾਲ ਮਨਾਇਆ। ਇਸ ਮੌਕੇ ਰਾਗੀ ਜਥੇ ਨੇ ਕੀਰਤਨ ਕੀਤਾ ਅਤੇ ਸਰਬੱਤ ਦੇ ਭਲੇ ਦੀ ਅਰਦਾਸ ਕੀਤੀ ਗਈ। ਪਰਿਵਾਰ ਵੱਲੋਂ ਗੁਰੂ ਕਾ ਲੰਗਰ ਵਰਤਾਇਆ ਗਿਆ ਅਤੇ ਆਏ ਮਹਿਮਾਨਾਂ ਦਾ ਧੰਨਵਾਦ ਕੀਤਾ ਗਿਆ। ਸੰਗਤਾਂ ਨੇ ਬੱਚੇ ਦੇ ਉੱਜਵਲ ਭਵਿੱਖ ਦੀ ਕਾਮਨਾ ਕੀਤੀ।
ਦਿਹਾੜੇ-ਦਿਨ ਨੌਜਵਾਨ ਦੀ ਹੱਤਿਆ ਦੇ ਮਾਮਲੇ 'ਤੇ ਸ਼੍ਰੋਮਣੀ ਅਕਾਲੀ ਦਲ ਵੱਲੋਂ ਸਖ਼ਤ ਨਿਖੇਧੀ
ਅਕਾਲੀ ਦਲ ਦੇ ਹਲਕਾ ਇੰਚਾਰਜ ਸਿੰਘ ਸੰਧੂ ਨੇ ਆਖਿਆ ਕਿ ਆਮ ਆਦਮੀ ਪਾਰਟੀ ਦੀ ਸਰਕਾਰ ਦੌਰਾਨ ਸੂਬੇ ਅੰਦਰ ਗੈਂਗਸਟਰ ਬੇਲਗਾਮ ਹੋ ਚੁੱਕੇ ਹਨ। ਦਿਨ ਦਿਹਾੜੇ ਨੌਜਵਾਨ ਦੀ ਹੱਤਿਆ ਨੇ ਕਾਨੂੰਨ ਵਿਵਸਥਾ ਦੀ ਪੋਲ ਖੋਲ੍ਹ ਦਿੱਤੀ ਹੈ। ਉਨ੍ਹਾਂ ਮੰਗ ਕੀਤੀ ਕਿ ਦੋਸ਼ੀਆਂ ਨੂੰ ਤੁਰੰਤ ਗ੍ਰਿਫਤਾਰ ਕਰਕੇ ਸਖ਼ਤ ਸਜ਼ਾਵਾਂ ਦਿੱਤੀਆਂ ਜਾਣ। ਪੀੜਤ ਪਰਿਵਾਰ ਨੂੰ ਇਨਸਾਫ ਦਿਵਾਉਣ ਲਈ ਅਕਾਲੀ ਦਲ ਹਰ ਸੰਘਰਸ਼ ਕਰੇਗਾ। ਇਸ ਮੌਕੇ ਹਲਕੇ ਦੇ ਹੋਰ ਆਗੂ ਅਤੇ ਵਰਕਰ ਵੀ ਹਾਜ਼ਰ ਸਨ ਜਿਨ੍ਹਾਂ ਨੇ ਪੀੜਤ ਪਰਿਵਾਰ ਨਾਲ ਹਮਦਰਦੀ ਪ੍ਰਗਟਾਈ।
ਜਸਵਿੰਦਰ ਸਿੰਘ ਨੂੰ ਪੰਜਾਬੀ ਲੈਕਚਰਾਰ ਬਣਨ 'ਤੇ ਦਿੱਤੀ ਮੁਬਾਰਕਬਾਦ - ਢਿੱਲੋਂ
ਅੱਜ ਯੂਨੀਅਨ ਆਗੂਆਂ ਦੇ ਨਾਲ ਯੂਨੀਅਨ ਦੇ ਸਹਾਇਕ ਵਿੱਤ ਸਕੱਤਰ ਲੁਧਿਆਣਾ ਜਸਵਿੰਦਰ ਸਿੰਘ ਨੂੰ ਬਤੌਰ ਪੰਜਾਬੀ ਲੈਕਚਰਾਰ ਸਰਕਾਰੀ ਸੀਨੀਅਰ ਸੈਕੰਡਰੀ ਸਕੂਲ ਰਾਮਗੜ੍ਹ ਵਿੱਚ ਅਹੁਦਾ ਸੰਭਾਲਣ ਤੋਂ ਪਹਿਲਾਂ ਸਰਕਾਰੀ ਸੀਨੀਅਰ ਸੈਕੰਡਰੀ ਸਕੂਲ ਲੱਖ ਰੱਦੋਵਾਲ ਪਹੁੰਚ ਕੇ ਮੁਬਾਰਕਬਾਦ ਦਿੱਤੀ ਗਈ। ਯੂਨੀਅਨ ਆਗੂਆਂ ਹਰਪ੍ਰੀਤ ਸਿੰਘ, ਗੁਰਵਿੰਦਰ ਸਿੰਘ, ਬਲਰਾਜ ਸਿੰਘ ਨੇ ਸ਼ੁਭਕਾਮਨਾਵਾਂ ਦਿੱਤੀਆਂ ਅਤੇ ਉਨ੍ਹਾਂ ਦੇ ਉੱਜਵਲ ਭਵਿੱਖ ਦੀ ਕਾਮਨਾ ਕੀਤੀ। ਸਕੂਲ ਸਟਾਫ ਵੱਲੋਂ ਵੀ ਵਧਾਈ ਦਿੱਤੀ ਗਈ।
ਸ਼੍ਰੀ ਗੁਰੂ ਤੇਗ ਬਹਾਦਰ ਸਾਹਿਬ ਜੀ ਦੀ 350 ਵੀਂ ਸ਼ਹੀਦੀ ਸ਼ਤਾਬਦੀ ਨੂੰ ਸਮਰਪਿਤ ਵਿਸ਼ਾਲ ਨਗਰ ਕੀਰਤਨ ਆਲਮਗੀਰ ਪੁੱਜਿਆ
ਲੁਧਿਆਣਾ/ਆਲਮਗੀਰ, 5 ਅਕਤੂਬਰ (ਬਲਜੀਤ ਸਿੰਘ) ਸ਼੍ਰੀ ਗੁਰੂ ਤੇਗ ਬਹਾਦਰ ਸਾਹਿਬ ਜੀ ਦੀ 350 ਵੀਂ ਸ਼ਹੀਦੀ ਸ਼ਤਾਬਦੀ ਨੂੰ ਸਮਰਪਿਤ ਵਿਸ਼ਾਲ ਨਗਰ ਕੀਰਤਨ ਗੁਰਦੁਆਰਾ ਸ਼੍ਰੀ ਮੰਜੀ ਸਾਹਿਬ ਆਲਮਗੀਰ ਵਿਖੇ ਪੁੱਜਿਆ।
ਕੀਤਾ ਜਾਂਦਾ ਰਿਹਾ। ਇੱਥੇ ਸੰਗਤਾਂ ਨੇ ਗੁਰੂ ਸਾਹਿਬ ਜੀ ਦੇ ਦਰਸ਼ਨ ਦੀਦਾਰੇ ਕੀਤੇ ਅਤੇ ਗੁਰਮਤਿ ਪ੍ਰਚਾਰ ਸੁਣ ਕੇ ਗੁਰੂ ਦੀਆਂ ਖੁਸ਼ੀਆਂ ਪ੍ਰਾਪਤ ਕੀਤੀਆਂ।
ਨਗਰ ਕੀਰਤਨ ਦੀ ਅਗਵਾਈ ਪੰਜ ਪਿਆਰਿਆਂ ਨੇ ਕੀਤੀ ਅਤੇ ਸੰਗਤਾਂ ਵੱਡੀ ਗਿਣਤੀ ਵਿੱਚ ਸ਼ਾਮਲ ਹੋਈਆਂ। ਰਸਤੇ ਵਿੱਚ ਥਾਂ-ਥਾਂ ਸੰਗਤਾਂ ਵੱਲੋਂ ਲੰਗਰ ਅਤੇ ਚਾਹ ਪਾਣੀ ਦੀ ਸੇਵਾ ਕੀਤੀ ਗਈ। ਗੁਰਦੁਆਰਾ ਸਾਹਿਬ ਵਿਖੇ ਪੁੱ‌ਜਣ ਤੇ ਨਗਰ ਕੀਰਤਨ ਦਾ ਭਰਵਾਂ ਸਵਾਗਤ ਕੀਤਾ ਗਿਆ ਅਤੇ ਸੰਗਤਾਂ ਨੇ ਫੁੱਲਾਂ ਦੀ ਵਰਖਾ ਕੀਤੀ।
